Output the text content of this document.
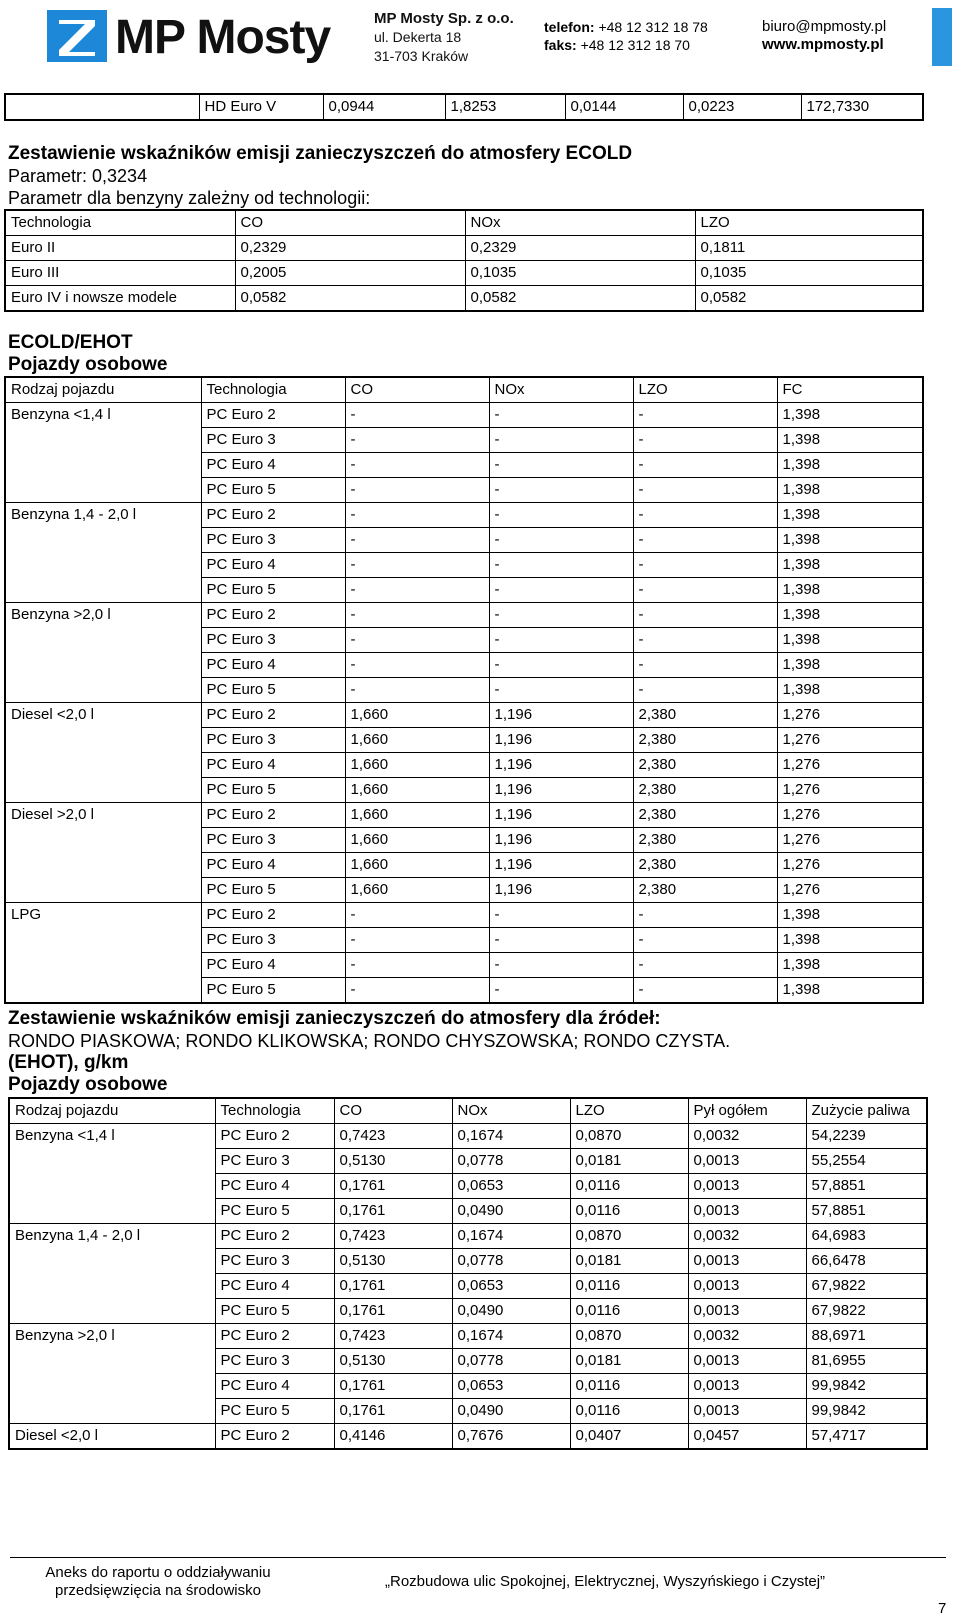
MP Mosty	MP Mosty Sp. z o.o.
ul. Dekerta 18
31-703 Kraków
telefon: +48 12 312 18 78
faks: +48 12 312 18 70
biuro@mpmosty.pl
www.mpmosty.pl
	HD Euro V	0,0944	1,8253	0,0144	0,0223	172,7330
Zestawienie wskaźników emisji zanieczyszczeń do atmosfery ECOLD
Parametr: 0,3234
Parametr dla benzyny zależny od technologii:
Technologia	CO	NOx	LZO
Euro II	0,2329	0,2329	0,1811
Euro III	0,2005	0,1035	0,1035
Euro IV i nowsze modele	0,0582	0,0582	0,0582
ECOLD/EHOT
Pojazdy osobowe
Rodzaj pojazdu	Technologia	CO	NOx	LZO	FC
Benzyna <1,4 l	PC Euro 2	-	-	-	1,398
	PC Euro 3	-	-	-	1,398
	PC Euro 4	-	-	-	1,398
	PC Euro 5	-	-	-	1,398
Benzyna 1,4 - 2,0 l	PC Euro 2	-	-	-	1,398
	PC Euro 3	-	-	-	1,398
	PC Euro 4	-	-	-	1,398
	PC Euro 5	-	-	-	1,398
Benzyna >2,0 l	PC Euro 2	-	-	-	1,398
	PC Euro 3	-	-	-	1,398
	PC Euro 4	-	-	-	1,398
	PC Euro 5	-	-	-	1,398
Diesel <2,0 l	PC Euro 2	1,660	1,196	2,380	1,276
	PC Euro 3	1,660	1,196	2,380	1,276
	PC Euro 4	1,660	1,196	2,380	1,276
	PC Euro 5	1,660	1,196	2,380	1,276
Diesel >2,0 l	PC Euro 2	1,660	1,196	2,380	1,276
	PC Euro 3	1,660	1,196	2,380	1,276
	PC Euro 4	1,660	1,196	2,380	1,276
	PC Euro 5	1,660	1,196	2,380	1,276
LPG	PC Euro 2	-	-	-	1,398
	PC Euro 3	-	-	-	1,398
	PC Euro 4	-	-	-	1,398
	PC Euro 5	-	-	-	1,398
Zestawienie wskaźników emisji zanieczyszczeń do atmosfery dla źródeł:
RONDO PIASKOWA; RONDO KLIKOWSKA; RONDO CHYSZOWSKA; RONDO CZYSTA.
(EHOT), g/km
Pojazdy osobowe
Rodzaj pojazdu	Technologia	CO	NOx	LZO	Pył ogółem	Zużycie paliwa
Benzyna <1,4 l	PC Euro 2	0,7423	0,1674	0,0870	0,0032	54,2239
	PC Euro 3	0,5130	0,0778	0,0181	0,0013	55,2554
	PC Euro 4	0,1761	0,0653	0,0116	0,0013	57,8851
	PC Euro 5	0,1761	0,0490	0,0116	0,0013	57,8851
Benzyna 1,4 - 2,0 l	PC Euro 2	0,7423	0,1674	0,0870	0,0032	64,6983
	PC Euro 3	0,5130	0,0778	0,0181	0,0013	66,6478
	PC Euro 4	0,1761	0,0653	0,0116	0,0013	67,9822
	PC Euro 5	0,1761	0,0490	0,0116	0,0013	67,9822
Benzyna >2,0 l	PC Euro 2	0,7423	0,1674	0,0870	0,0032	88,6971
	PC Euro 3	0,5130	0,0778	0,0181	0,0013	81,6955
	PC Euro 4	0,1761	0,0653	0,0116	0,0013	99,9842
	PC Euro 5	0,1761	0,0490	0,0116	0,0013	99,9842
Diesel <2,0 l	PC Euro 2	0,4146	0,7676	0,0407	0,0457	57,4717
Aneks do raportu o oddziaływaniu przedsięwzięcia na środowisko
„Rozbudowa ulic Spokojnej, Elektrycznej, Wyszyńskiego i Czystej”
7
